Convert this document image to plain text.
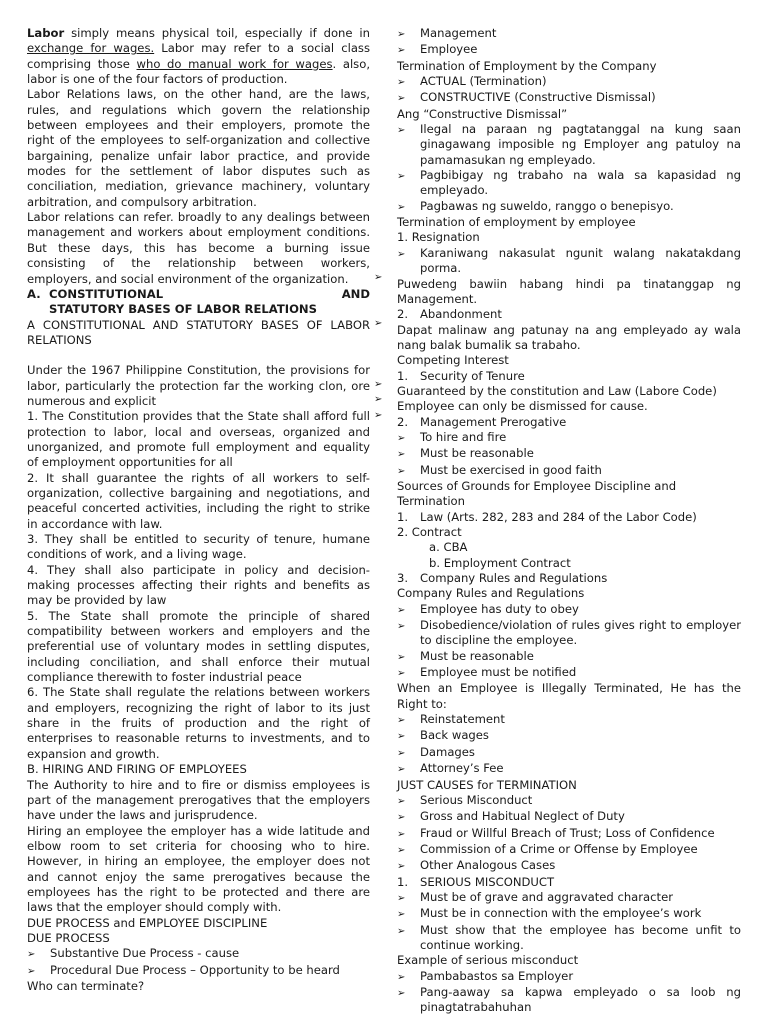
Labor simply means physical toil, especially if done in exchange for wages. Labor may refer to a social class comprising those who do manual work for wages. also, labor is one of the four factors of production.

Labor Relations laws, on the other hand, are the laws, rules, and regulations which govern the relationship between employees and their employers, promote the right of the employees to self-organization and collective bargaining, penalize unfair labor practice, and provide modes for the settlement of labor disputes such as conciliation, mediation, grievance machinery, voluntary arbitration, and compulsory arbitration.

Labor relations can refer. broadly to any dealings between management and workers about employment conditions. But these days, this has become a burning issue consisting of the relationship between workers, employers, and social environment of the organization.

A. CONSTITUTIONAL	AND
STATUTORY BASES OF LABOR RELATIONS

A CONSTITUTIONAL AND STATUTORY BASES OF LABOR RELATIONS

Under the 1967 Philippine Constitution, the provisions for labor, particularly the protection far the working clon, ore numerous and explicit

1. The Constitution provides that the State shall afford full protection to labor, local and overseas, organized and unorganized, and promote full employment and equality of employment opportunities for all

2. It shall guarantee the rights of all workers to self-organization, collective bargaining and negotiations, and peaceful concerted activities, including the right to strike in accordance with law.

3. They shall be entitled to security of tenure, humane conditions of work, and a living wage.

4. They shall also participate in policy and decision-making processes affecting their rights and benefits as may be provided by law

5. The State shall promote the principle of shared compatibility between workers and employers and the preferential use of voluntary modes in settling disputes, including conciliation, and shall enforce their mutual compliance therewith to foster industrial peace

6. The State shall regulate the relations between workers and employers, recognizing the right of labor to its just share in the fruits of production and the right of enterprises to reasonable returns to investments, and to expansion and growth.

B. HIRING AND FIRING OF EMPLOYEES

The Authority to hire and to fire or dismiss employees is part of the management prerogatives that the employers have under the laws and jurisprudence.

Hiring an employee the employer has a wide latitude and elbow room to set criteria for choosing who to hire. However, in hiring an employee, the employer does not and cannot enjoy the same prerogatives because the employees has the right to be protected and there are laws that the employer should comply with.

DUE PROCESS and EMPLOYEE DISCIPLINE

DUE PROCESS

➢	Substantive Due Process - cause
➢	Procedural Due Process – Opportunity to be heard

Who can terminate?

➢
➢
➢
➢
➢
➢	Management
➢	Employee

Termination of Employment by the Company

➢	ACTUAL (Termination)
➢	CONSTRUCTIVE (Constructive Dismissal)

Ang “Constructive Dismissal”

➢	Ilegal na paraan ng pagtatanggal na kung saan ginagawang imposible ng Employer ang patuloy na pamamasukan ng empleyado.
➢	Pagbibigay ng trabaho na wala sa kapasidad ng empleyado.
➢	Pagbawas ng suweldo, ranggo o benepisyo.

Termination of employment by employee

1. Resignation

➢	Karaniwang nakasulat ngunit walang nakatakdang porma.

Puwedeng bawiin habang hindi pa tinatanggap ng Management.

2.	Abandonment

Dapat malinaw ang patunay na ang empleyado ay wala nang balak bumalik sa trabaho.

Competing Interest

1.	Security of Tenure

Guaranteed by the constitution and Law (Labore Code)

Employee can only be dismissed for cause.

2.	Management Prerogative
➢	To hire and fire
➢	Must be reasonable
➢	Must be exercised in good faith

Sources of Grounds for Employee Discipline and Termination

1.	Law (Arts. 282, 283 and 284 of the Labor Code)

2. Contract

a. CBA

b. Employment Contract

3.	Company Rules and Regulations

Company Rules and Regulations

➢	Employee has duty to obey
➢	Disobedience/violation of rules gives right to employer to discipline the employee.
➢	Must be reasonable
➢	Employee must be notified

When an Employee is Illegally Terminated, He has the Right to:

➢	Reinstatement
➢	Back wages
➢	Damages
➢	Attorney’s Fee

JUST CAUSES for TERMINATION

➢	Serious Misconduct
➢	Gross and Habitual Neglect of Duty
➢	Fraud or Willful Breach of Trust; Loss of Confidence
➢	Commission of a Crime or Offense by Employee
➢	Other Analogous Cases
1.	SERIOUS MISCONDUCT
➢	Must be of grave and aggravated character
➢	Must be in connection with the employee’s work
➢	Must show that the employee has become unfit to continue working.

Example of serious misconduct

➢	Pambabastos sa Employer
➢	Pang-aaway sa kapwa empleyado o sa loob ng pinagtatrabahuhan
